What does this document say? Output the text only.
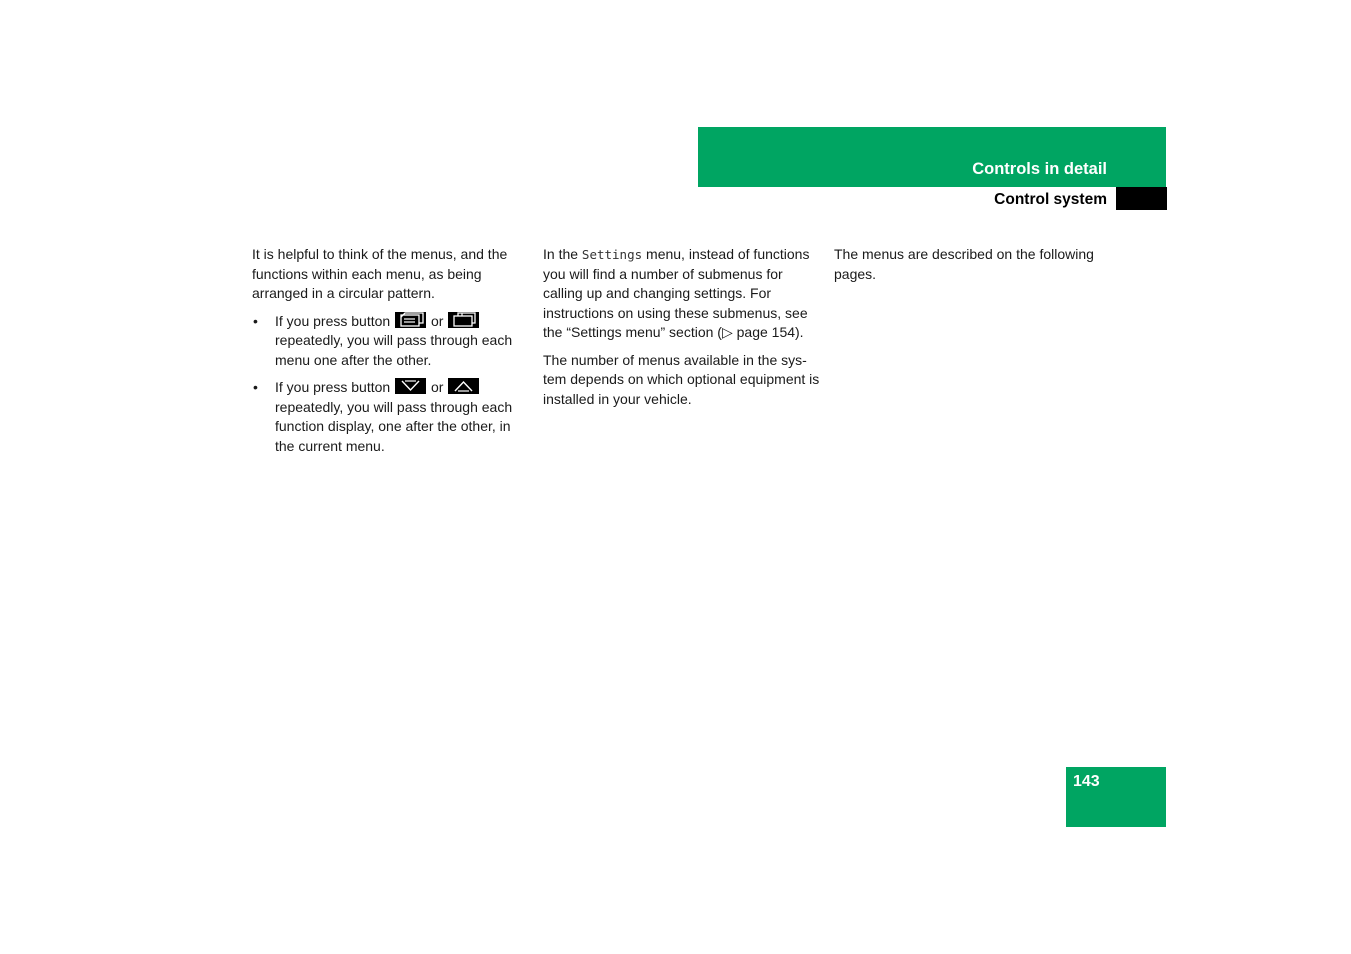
Controls in detail
Control system

It is helpful to think of the menus, and the functions within each menu, as being arranged in a circular pattern.

• If you press button	or
repeatedly, you will pass through each menu one after the other.
• If you press button	or
repeatedly, you will pass through each function display, one after the other, in the current menu.

In the Settings menu, instead of functions you will find a number of submenus for calling up and changing settings. For instructions on using these submenus, see the “Settings menu” section (▷ page 154).

The number of menus available in the sys-tem depends on which optional equipment is installed in your vehicle.

The menus are described on the following pages.

143
